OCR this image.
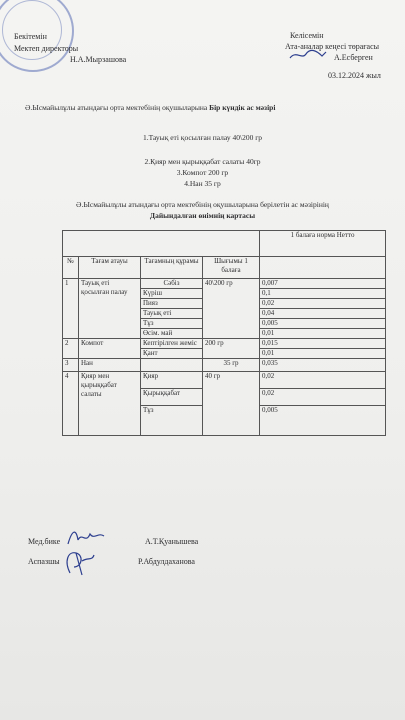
Бекітемін
Мектеп директоры
Н.А.Мырзашова
Келісемін
Ата-аналар кеңесі төрағасы
А.Есберген
03.12.2024 жыл
Ә.Ысмайылұлы атындағы орта мектебінің оқушыларына Бір күндік ас мәзірі
1.Тауық еті қосылған палау 40\200 гр
2.Қияр мен қырыққабат салаты 40гр
3.Компот 200 гр
4.Нан 35 гр
Ә.Ысмайылұлы атындағы орта мектебінің оқушыларына берілетін ас мәзірінің
Дайындалған өнімнің картасы
				1 балаға норма Нетто
№	Тағам атауы	Тағамның құрамы	Шығымы 1 балаға	
1	Тауық еті қосылған палау	Сәбіз	40\200 гр	0,007
		Күріш		0,1
		Пияз		0,02
		Тауық еті		0,04
		Тұз		0,005
		Өсім. май		0,01
2	Компот	Кептірілген жеміс	200 гр	0,015
		Қант		0,01
3	Нан		35 гр	0,035
4	Қияр мен қырыққабат салаты	Қияр	40 гр	0,02
		Қырыққабат		0,02
		Тұз		0,005
Мед.бике	А.Т.Қуанышева
Аспазшы	Р.Абдулдаханова
